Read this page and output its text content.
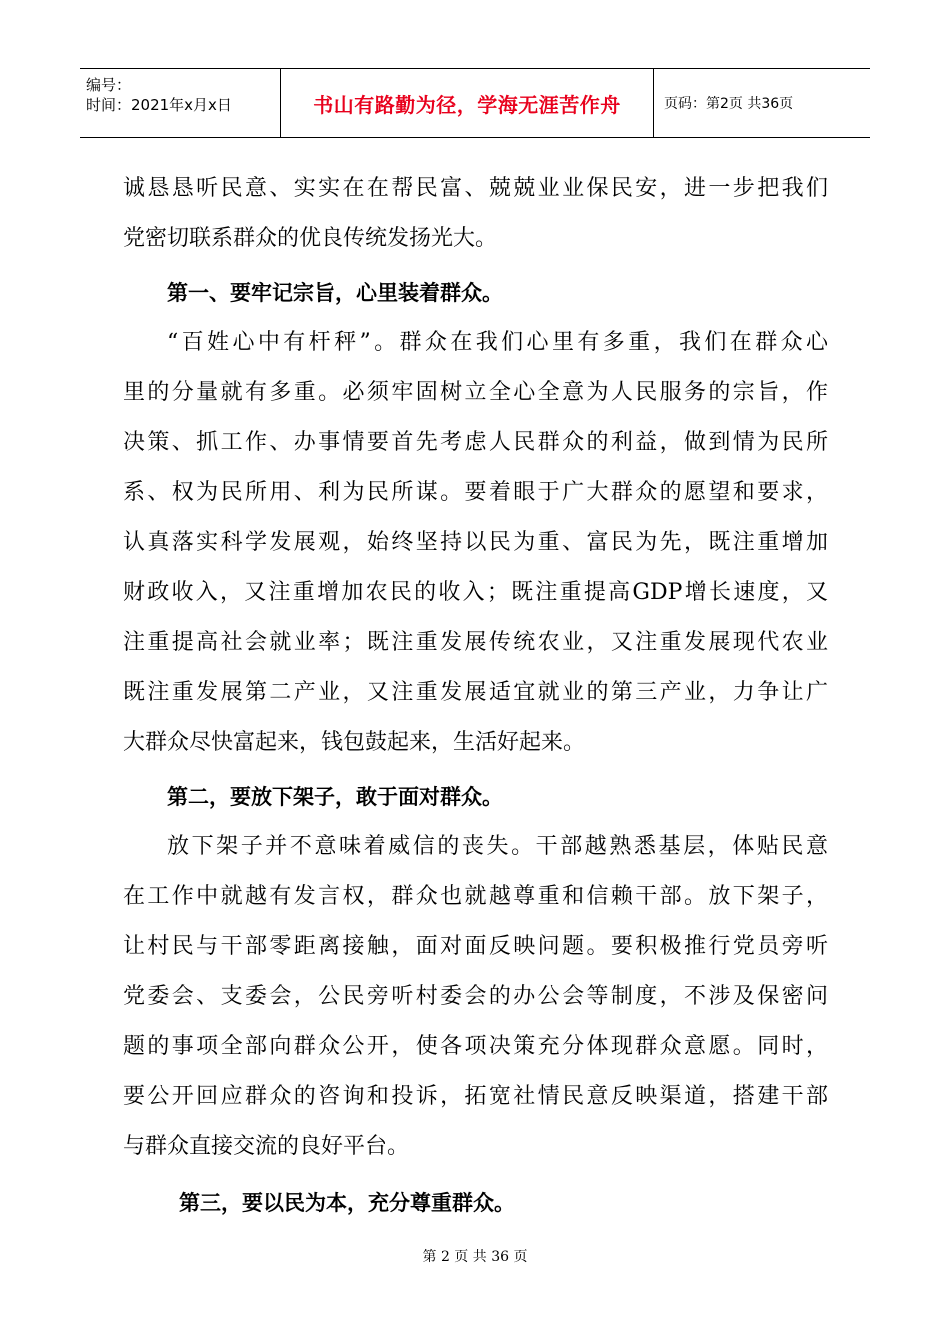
编号：
时间：2021年x月x日	书山有路勤为径，学海无涯苦作舟	页码：第2页 共36页
诚恳恳听民意、实实在在帮民富、兢兢业业保民安，进一步把我们
党密切联系群众的优良传统发扬光大。
第一、要牢记宗旨，心里装着群众。
“百姓心中有杆秤”。群众在我们心里有多重，我们在群众心
里的分量就有多重。必须牢固树立全心全意为人民服务的宗旨，作
决策、抓工作、办事情要首先考虑人民群众的利益，做到情为民所
系、权为民所用、利为民所谋。要着眼于广大群众的愿望和要求，
认真落实科学发展观，始终坚持以民为重、富民为先，既注重增加
财政收入，又注重增加农民的收入；既注重提高GDP增长速度，又
注重提高社会就业率；既注重发展传统农业，又注重发展现代农业
既注重发展第二产业，又注重发展适宜就业的第三产业，力争让广
大群众尽快富起来，钱包鼓起来，生活好起来。
第二，要放下架子，敢于面对群众。
放下架子并不意味着威信的丧失。干部越熟悉基层，体贴民意
在工作中就越有发言权，群众也就越尊重和信赖干部。放下架子，
让村民与干部零距离接触，面对面反映问题。要积极推行党员旁听
党委会、支委会，公民旁听村委会的办公会等制度，不涉及保密问
题的事项全部向群众公开，使各项决策充分体现群众意愿。同时，
要公开回应群众的咨询和投诉，拓宽社情民意反映渠道，搭建干部
与群众直接交流的良好平台。
第三，要以民为本，充分尊重群众。
第 2 页 共 36 页
